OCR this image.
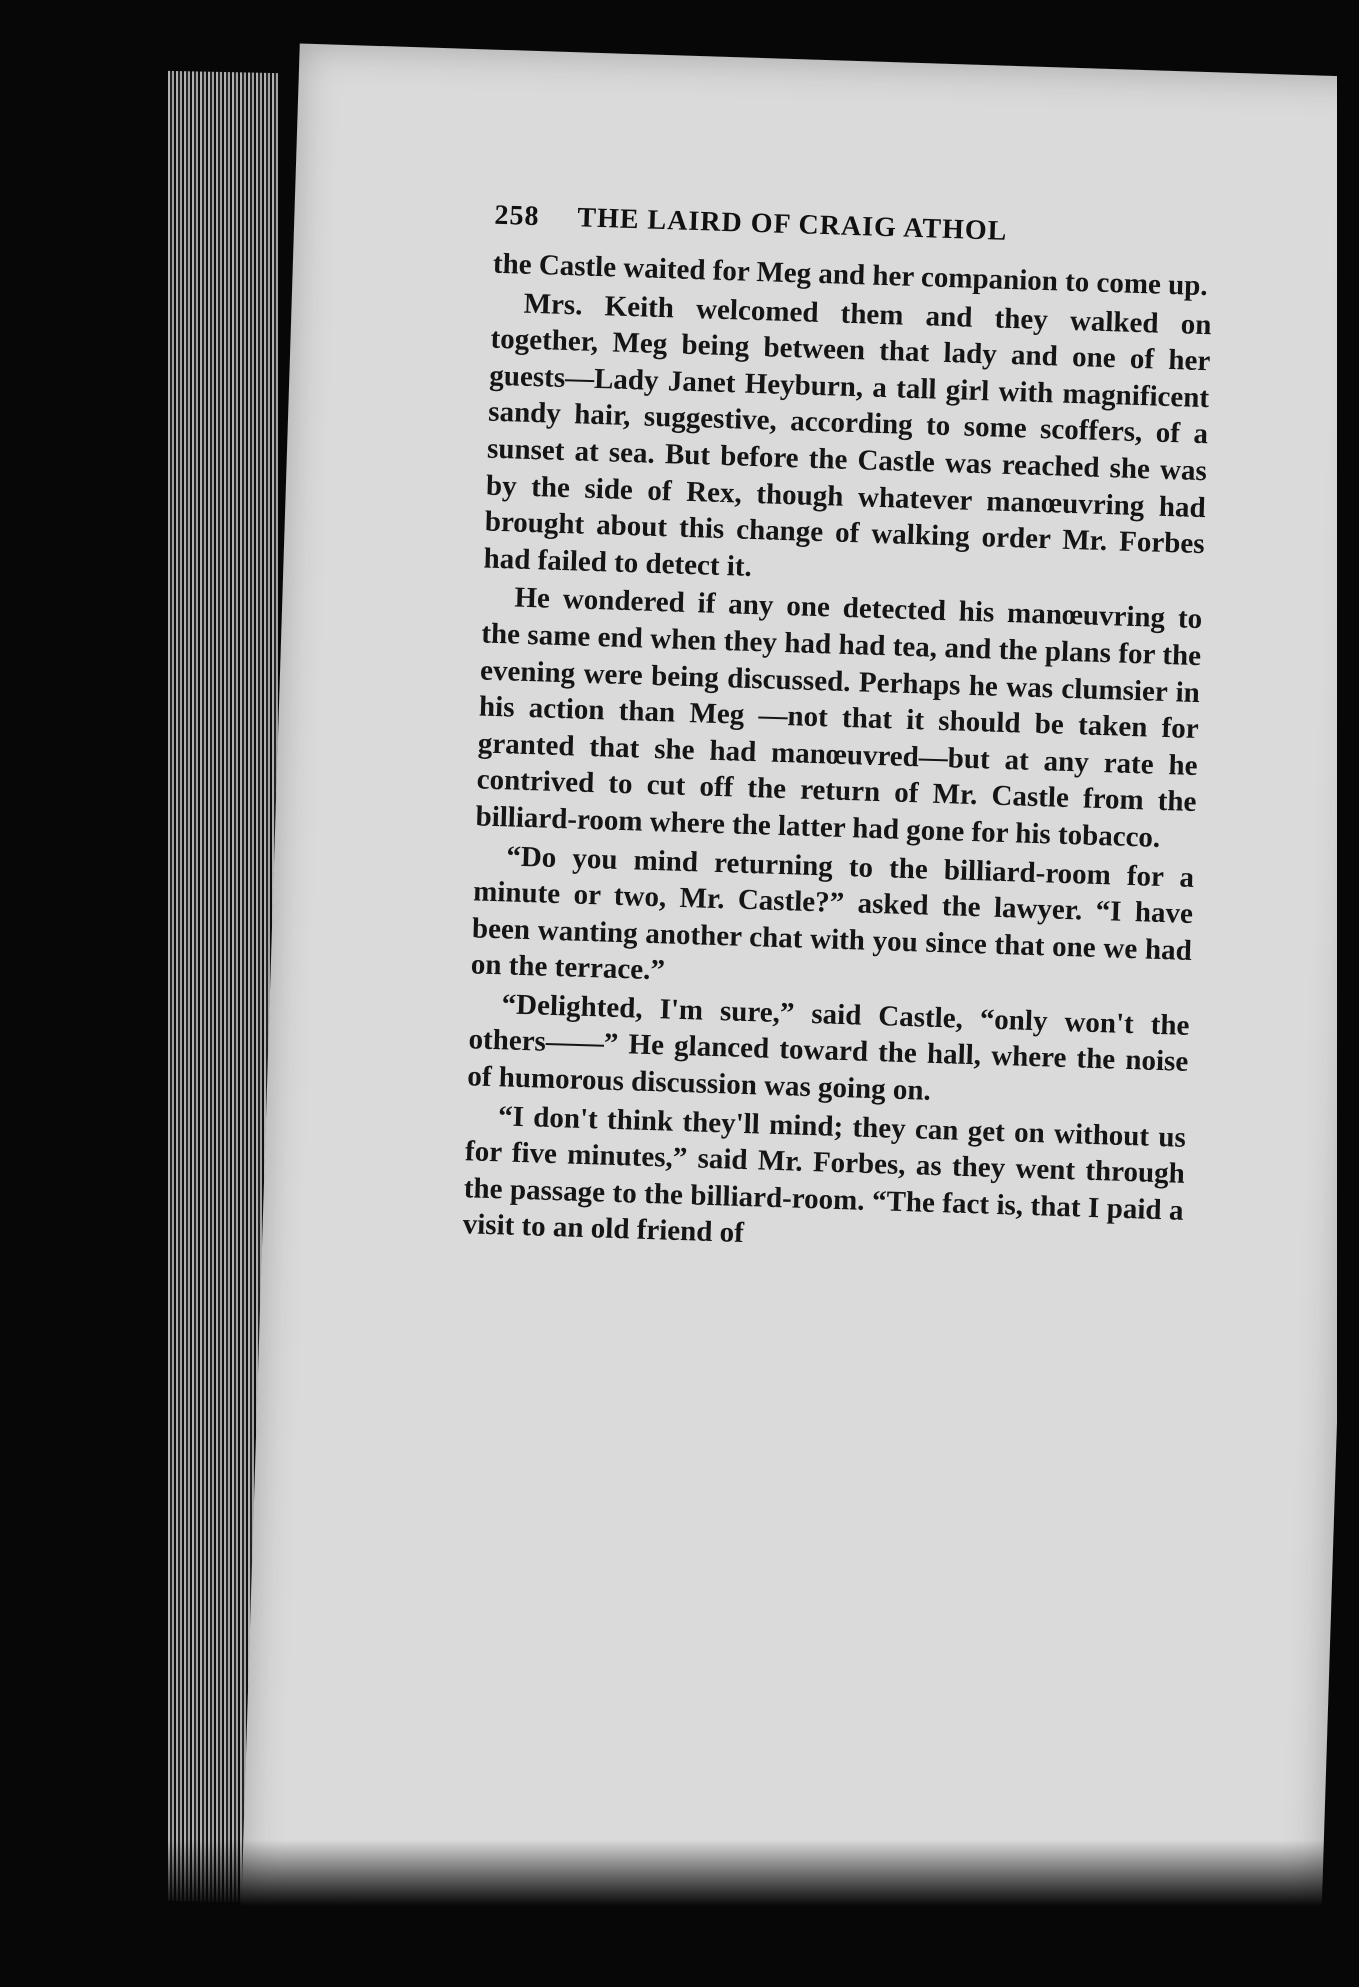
258 THE LAIRD OF CRAIG ATHOL

the Castle waited for Meg and her companion to come up.

Mrs. Keith welcomed them and they walked on together, Meg being between that lady and one of her guests—Lady Janet Heyburn, a tall girl with magnificent sandy hair, suggestive, according to some scoffers, of a sunset at sea. But before the Castle was reached she was by the side of Rex, though whatever manœuvring had brought about this change of walking order Mr. Forbes had failed to detect it.

He wondered if any one detected his manœuvring to the same end when they had had tea, and the plans for the evening were being discussed. Perhaps he was clumsier in his action than Meg —not that it should be taken for granted that she had manœuvred—but at any rate he contrived to cut off the return of Mr. Castle from the billiard-room where the latter had gone for his tobacco.

“Do you mind returning to the billiard-room for a minute or two, Mr. Castle?” asked the lawyer. “I have been wanting another chat with you since that one we had on the terrace.”

“Delighted, I'm sure,” said Castle, “only won't the others——” He glanced toward the hall, where the noise of humorous discussion was going on.

“I don't think they'll mind; they can get on without us for five minutes,” said Mr. Forbes, as they went through the passage to the billiard-room. “The fact is, that I paid a visit to an old friend of
